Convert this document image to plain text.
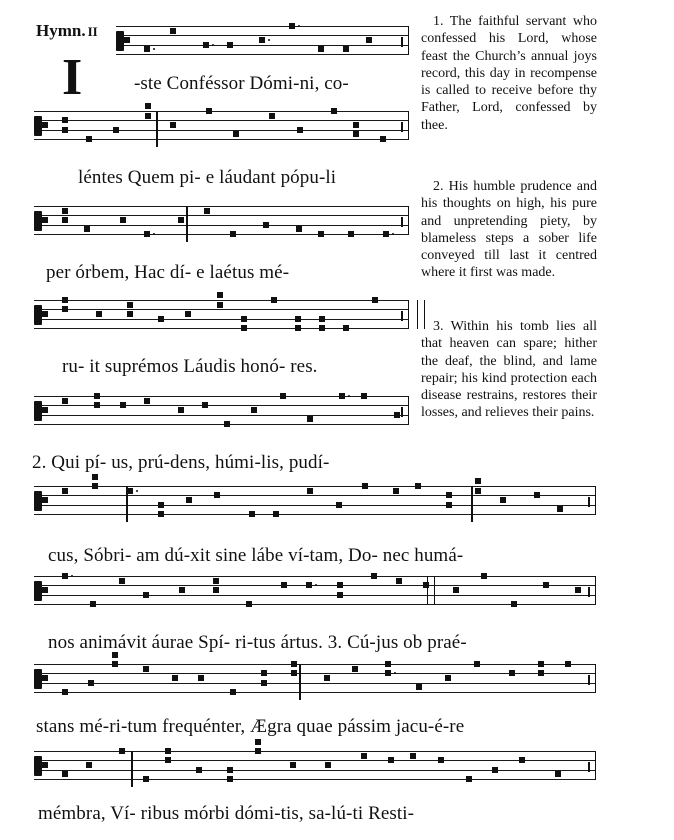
Hymn. II
I	-ste Conféssor Dómi-ni, co-
léntes Quem pi- e láudant pópu-li
per órbem, Hac dí- e laétus mé-
ru- it suprémos Láudis honó- res.
2. Qui pí- us, prú-dens, húmi-lis, pudí-
cus, Sóbri- am dú-xit sine lábe ví-tam, Do- nec humá-
nos animávit áurae Spí- ri-tus ártus. 3. Cú-jus ob praé-
stans mé-ri-tum frequénter, Ægra quae pássim jacu-é-re
mémbra, Ví- ribus mórbi dómi-tis, sa-lú-ti Resti-

1. The faithful servant who confessed his Lord, whose feast the Church’s annual joys record, this day in recompense is called to receive before thy Father, Lord, confessed by thee.

2. His humble prudence and his thoughts on high, his pure and unpretending piety, by blameless steps a sober life conveyed till last it centred where it first was made.

3. Within his tomb lies all that heaven can spare; hither the deaf, the blind, and lame repair; his kind protection each disease restrains, restores their losses, and relieves their pains.
